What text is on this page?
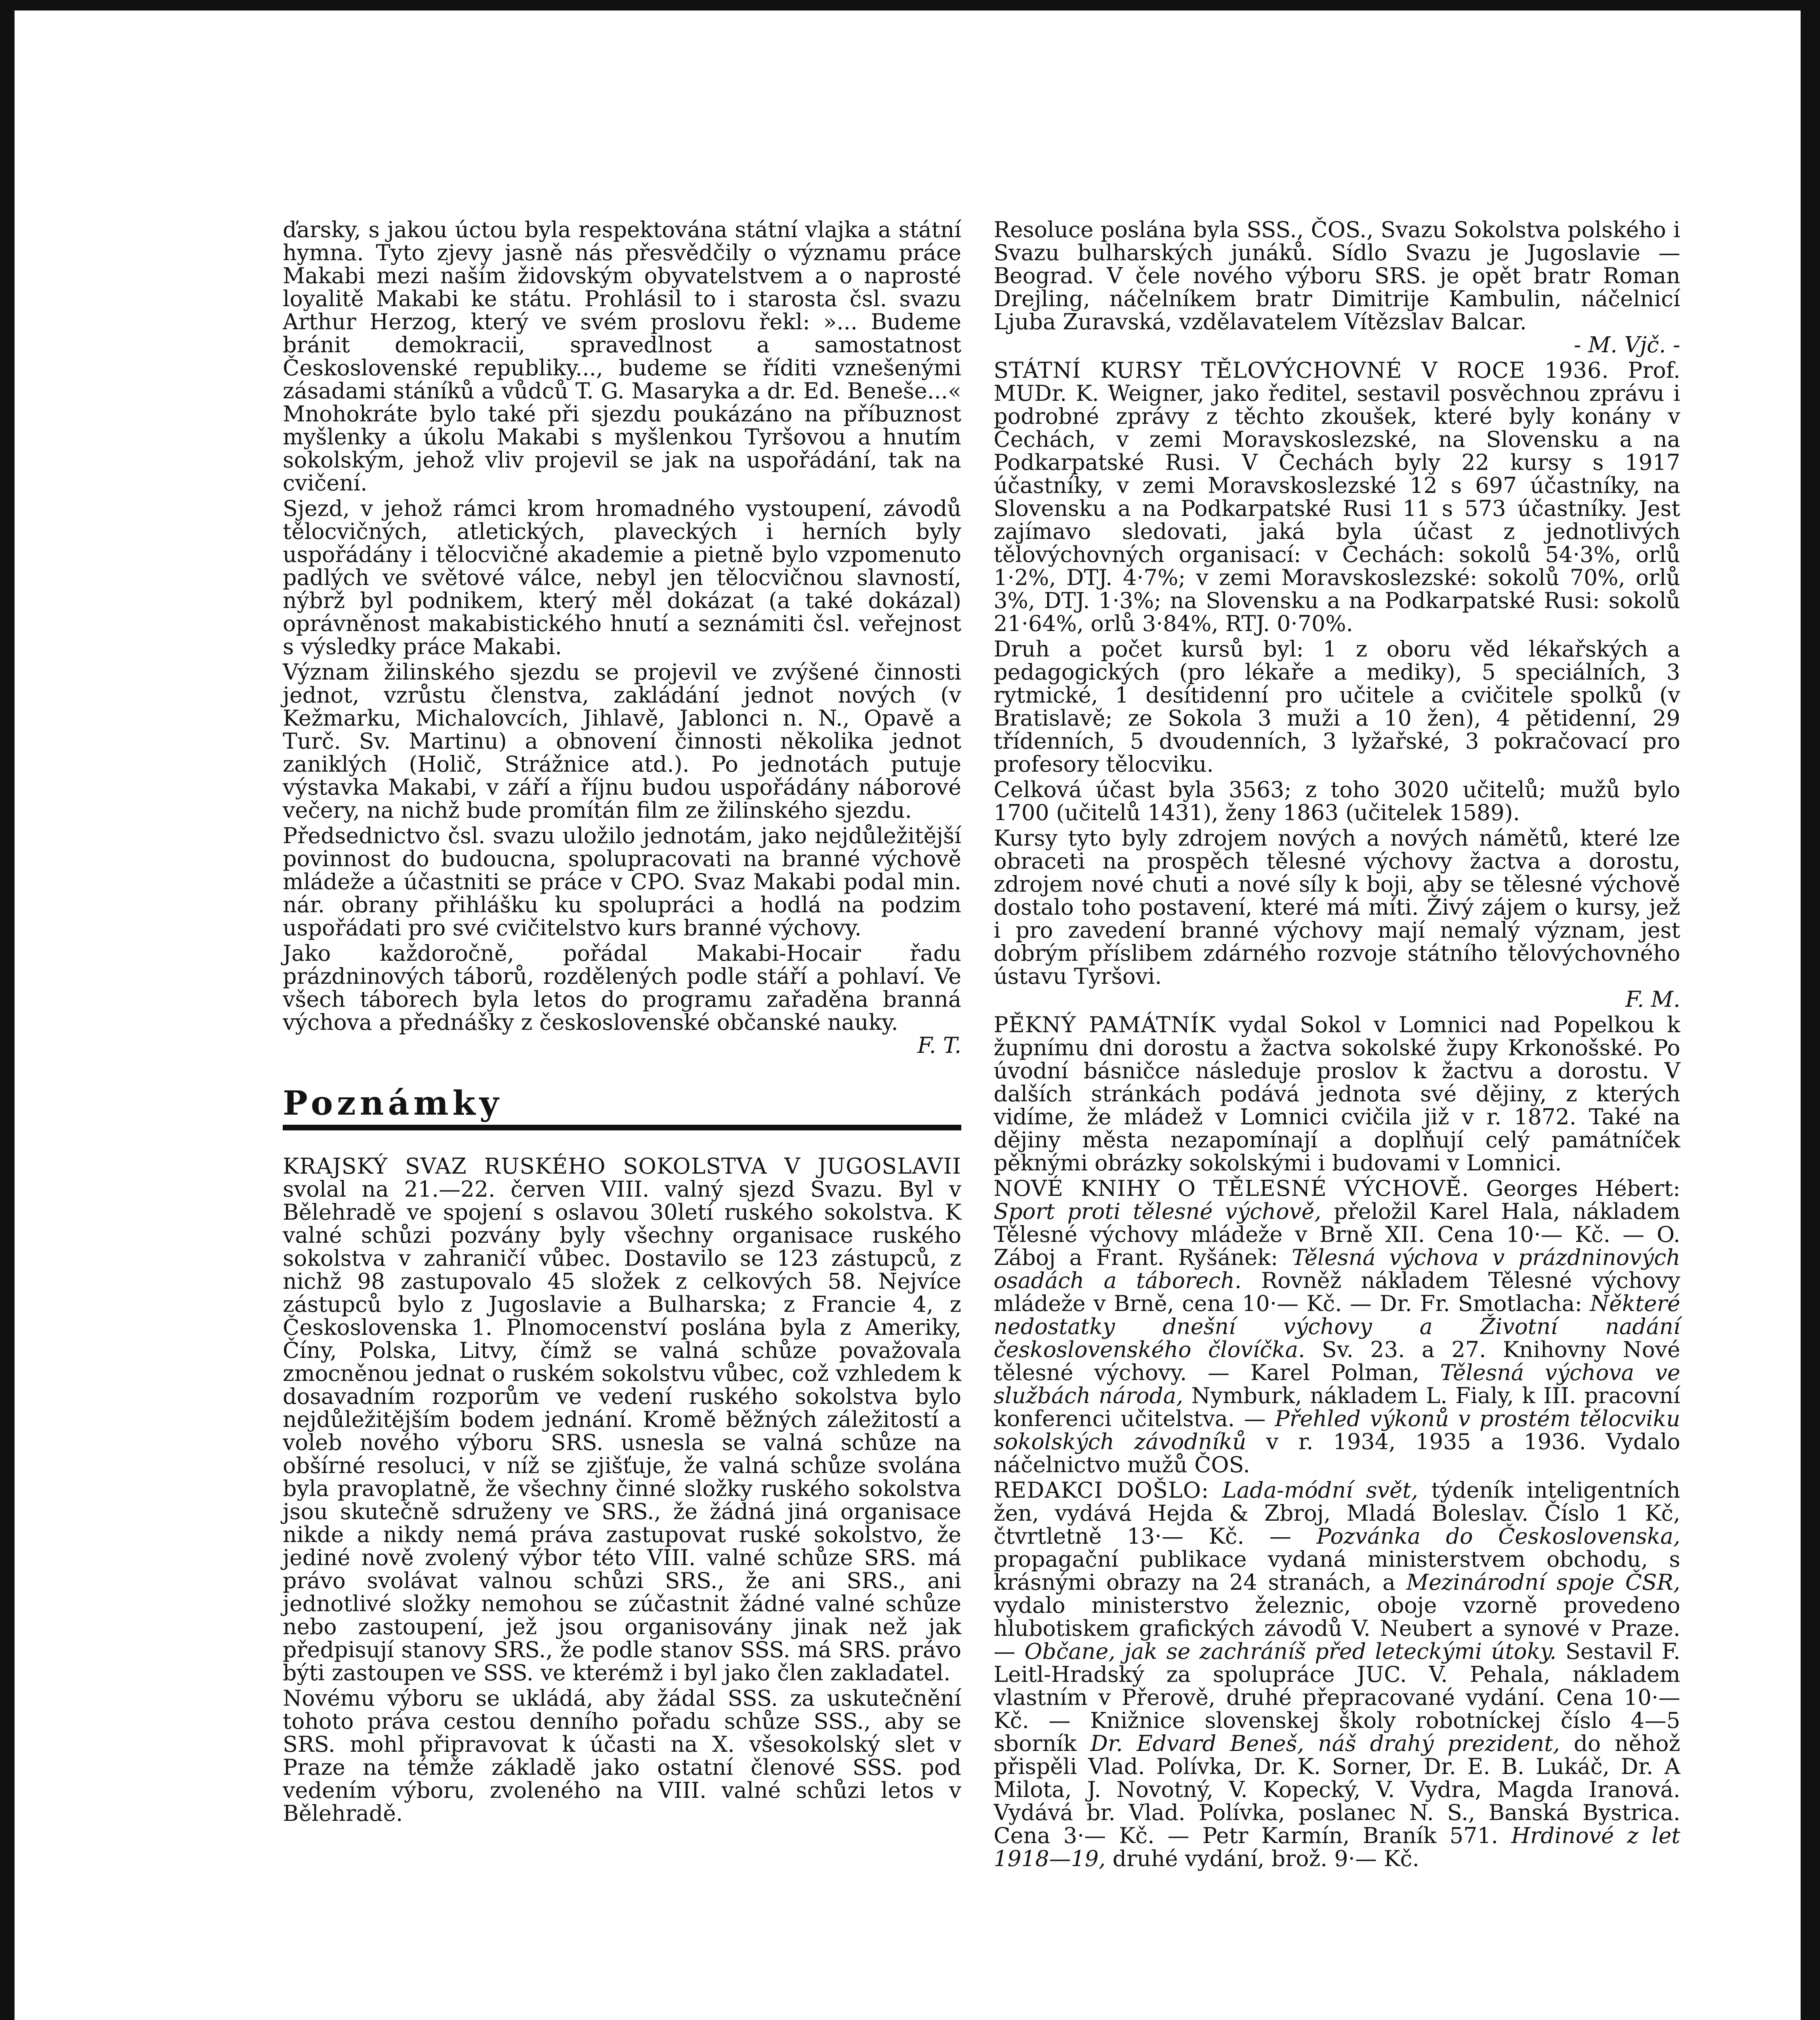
ďarsky, s jakou úctou byla respektována státní vlajka a státní hymna. Tyto zjevy jasně nás přesvědčily o významu práce Makabi mezi naším židovským obyvatelstvem a o naprosté loyalitě Makabi ke státu. Prohlásil to i starosta čsl. svazu Arthur Herzog, který ve svém proslovu řekl: »... Budeme bránit demokracii, spravedlnost a samostatnost Československé republiky..., budeme se říditi vznešenými zásadami stáníků a vůdců T. G. Masaryka a dr. Ed. Beneše...« Mnohokráte bylo také při sjezdu poukázáno na příbuznost myšlenky a úkolu Makabi s myšlenkou Tyršovou a hnutím sokolským, jehož vliv projevil se jak na uspořádání, tak na cvičení.

Sjezd, v jehož rámci krom hromadného vystoupení, závodů tělocvičných, atletických, plaveckých i herních byly uspořádány i tělocvičné akademie a pietně bylo vzpomenuto padlých ve světové válce, nebyl jen tělocvičnou slavností, nýbrž byl podnikem, který měl dokázat (a také dokázal) oprávněnost makabistického hnutí a seznámiti čsl. veřejnost s výsledky práce Makabi.

Význam žilinského sjezdu se projevil ve zvýšené činnosti jednot, vzrůstu členstva, zakládání jednot nových (v Kežmarku, Michalovcích, Jihlavě, Jablonci n. N., Opavě a Turč. Sv. Martinu) a obnovení činnosti několika jednot zaniklých (Holič, Strážnice atd.). Po jednotách putuje výstavka Makabi, v září a říjnu budou uspořádány náborové večery, na nichž bude promítán film ze žilinského sjezdu.

Předsednictvo čsl. svazu uložilo jednotám, jako nejdůležitější povinnost do budoucna, spolupracovati na branné výchově mládeže a účastniti se práce v CPO. Svaz Makabi podal min. nár. obrany přihlášku ku spolupráci a hodlá na podzim uspořádati pro své cvičitelstvo kurs branné výchovy.

Jako každoročně, pořádal Makabi-Hocair řadu prázdninových táborů, rozdělených podle stáří a pohlaví. Ve všech táborech byla letos do programu zařaděna branná výchova a přednášky z československé občanské nauky.
F. T.

Poznámky

KRAJSKÝ SVAZ RUSKÉHO SOKOLSTVA V JUGOSLAVII svolal na 21.—22. červen VIII. valný sjezd Svazu. Byl v Bělehradě ve spojení s oslavou 30letí ruského sokolstva. K valné schůzi pozvány byly všechny organisace ruského sokolstva v zahraničí vůbec. Dostavilo se 123 zástupců, z nichž 98 zastupovalo 45 složek z celkových 58. Nejvíce zástupců bylo z Jugoslavie a Bulharska; z Francie 4, z Československa 1. Plnomocenství poslána byla z Ameriky, Číny, Polska, Litvy, čímž se valná schůze považovala zmocněnou jednat o ruském sokolstvu vůbec, což vzhledem k dosavadním rozporům ve vedení ruského sokolstva bylo nejdůležitějším bodem jednání. Kromě běžných záležitostí a voleb nového výboru SRS. usnesla se valná schůze na obšírné resoluci, v níž se zjišťuje, že valná schůze svolána byla pravoplatně, že všechny činné složky ruského sokolstva jsou skutečně sdruženy ve SRS., že žádná jiná organisace nikde a nikdy nemá práva zastupovat ruské sokolstvo, že jediné nově zvolený výbor této VIII. valné schůze SRS. má právo svolávat valnou schůzi SRS., že ani SRS., ani jednotlivé složky nemohou se zúčastnit žádné valné schůze nebo zastoupení, jež jsou organisovány jinak než jak předpisují stanovy SRS., že podle stanov SSS. má SRS. právo býti zastoupen ve SSS. ve kterémž i byl jako člen zakladatel.

Novému výboru se ukládá, aby žádal SSS. za uskutečnění tohoto práva cestou denního pořadu schůze SSS., aby se SRS. mohl připravovat k účasti na X. všesokolský slet v Praze na témže základě jako ostatní členové SSS. pod vedením výboru, zvoleného na VIII. valné schůzi letos v Bělehradě.

Resoluce poslána byla SSS., ČOS., Svazu Sokolstva polského i Svazu bulharských junáků. Sídlo Svazu je Jugoslavie — Beograd. V čele nového výboru SRS. je opět bratr Roman Drejling, náčelníkem bratr Dimitrije Kambulin, náčelnicí Ljuba Zuravská, vzdělavatelem Vítězslav Balcar.
- M. Vjč. -

STÁTNÍ KURSY TĚLOVÝCHOVNÉ V ROCE 1936. Prof. MUDr. K. Weigner, jako ředitel, sestavil posvěchnou zprávu i podrobné zprávy z těchto zkoušek, které byly konány v Čechách, v zemi Moravskoslezské, na Slovensku a na Podkarpatské Rusi. V Čechách byly 22 kursy s 1917 účastníky, v zemi Moravskoslezské 12 s 697 účastníky, na Slovensku a na Podkarpatské Rusi 11 s 573 účastníky. Jest zajímavo sledovati, jaká byla účast z jednotlivých tělovýchovných organisací: v Čechách: sokolů 54·3%, orlů 1·2%, DTJ. 4·7%; v zemi Moravskoslezské: sokolů 70%, orlů 3%, DTJ. 1·3%; na Slovensku a na Podkarpatské Rusi: sokolů 21·64%, orlů 3·84%, RTJ. 0·70%.

Druh a počet kursů byl: 1 z oboru věd lékařských a pedagogických (pro lékaře a mediky), 5 speciálních, 3 rytmické, 1 desítidenní pro učitele a cvičitele spolků (v Bratislavě; ze Sokola 3 muži a 10 žen), 4 pětidenní, 29 třídenních, 5 dvoudenních, 3 lyžařské, 3 pokračovací pro profesory tělocviku.

Celková účast byla 3563; z toho 3020 učitelů; mužů bylo 1700 (učitelů 1431), ženy 1863 (učitelek 1589).

Kursy tyto byly zdrojem nových a nových námětů, které lze obraceti na prospěch tělesné výchovy žactva a dorostu, zdrojem nové chuti a nové síly k boji, aby se tělesné výchově dostalo toho postavení, které má míti. Živý zájem o kursy, jež i pro zavedení branné výchovy mají nemalý význam, jest dobrým příslibem zdárného rozvoje státního tělovýchovného ústavu Tyršovi.
F. M.

PĚKNÝ PAMÁTNÍK vydal Sokol v Lomnici nad Popelkou k župnímu dni dorostu a žactva sokolské župy Krkonošské. Po úvodní básničce následuje proslov k žactvu a dorostu. V dalších stránkách podává jednota své dějiny, z kterých vidíme, že mládež v Lomnici cvičila již v r. 1872. Také na dějiny města nezapomínají a doplňují celý památníček pěknými obrázky sokolskými i budovami v Lomnici.

NOVÉ KNIHY O TĚLESNÉ VÝCHOVĚ. Georges Hébert: Sport proti tělesné výchově, přeložil Karel Hala, nákladem Tělesné výchovy mládeže v Brně XII. Cena 10·— Kč. — O. Záboj a Frant. Ryšánek: Tělesná výchova v prázdninových osadách a táborech. Rovněž nákladem Tělesné výchovy mládeže v Brně, cena 10·— Kč. — Dr. Fr. Smotlacha: Některé nedostatky dnešní výchovy a Životní nadání československého človíčka. Sv. 23. a 27. Knihovny Nové tělesné výchovy. — Karel Polman, Tělesná výchova ve službách národa, Nymburk, nákladem L. Fialy, k III. pracovní konferenci učitelstva. — Přehled výkonů v prostém tělocviku sokolských závodníků v r. 1934, 1935 a 1936. Vydalo náčelnictvo mužů ČOS.

REDAKCI DOŠLO: Lada-módní svět, týdeník inteligentních žen, vydává Hejda & Zbroj, Mladá Boleslav. Číslo 1 Kč, čtvrtletně 13·— Kč. — Pozvánka do Československa, propagační publikace vydaná ministerstvem obchodu, s krásnými obrazy na 24 stranách, a Mezinárodní spoje ČSR, vydalo ministerstvo železnic, oboje vzorně provedeno hlubotiskem grafických závodů V. Neubert a synové v Praze. — Občane, jak se zachráníš před leteckými útoky. Sestavil F. Leitl-Hradský za spolupráce JUC. V. Pehala, nákladem vlastním v Přerově, druhé přepracované vydání. Cena 10·— Kč. — Knižnice slovenskej školy robotníckej číslo 4—5 sborník Dr. Edvard Beneš, náš drahý prezident, do něhož přispěli Vlad. Polívka, Dr. K. Sorner, Dr. E. B. Lukáč, Dr. A Milota, J. Novotný, V. Kopecký, V. Vydra, Magda Iranová. Vydává br. Vlad. Polívka, poslanec N. S., Banská Bystrica. Cena 3·— Kč. — Petr Karmín, Braník 571. Hrdinové z let 1918—19, druhé vydání, brož. 9·— Kč.
